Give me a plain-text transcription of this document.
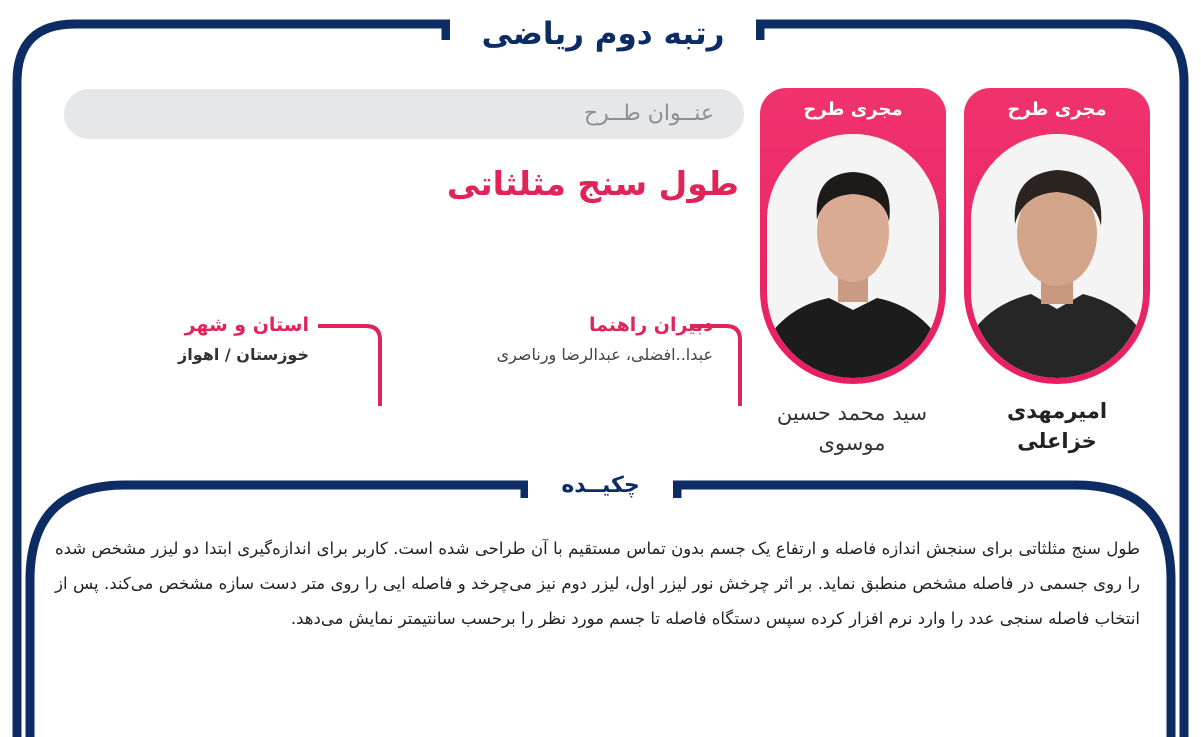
رتبه دوم ریاضی
عنــوان طــرح
طول سنج مثلثاتی
دبیران راهنما
عبدا..افضلی، عبدالرضا ورناصری
استان و شهر
خوزستان / اهواز
مجری طرح
امیرمهدی خزاعلی
مجری طرح
سید محمد حسین
موسوی
چکیــده
طول سنج مثلثاتی برای سنجش اندازه فاصله و ارتفاع یک جسم بدون تماس مستقیم با آن طراحی شده است. کاربر برای اندازه‌گیری ابتدا دو لیزر مشخص شده را روی جسمی در فاصله مشخص منطبق نماید. بر اثر چرخش نور لیزر اول، لیزر دوم نیز می‌چرخد و فاصله ایی را روی متر دست سازه مشخص می‌کند. پس از انتخاب فاصله سنجی عدد را وارد نرم افزار کرده سپس دستگاه فاصله تا جسم مورد نظر را برحسب سانتیمتر نمایش می‌دهد.
